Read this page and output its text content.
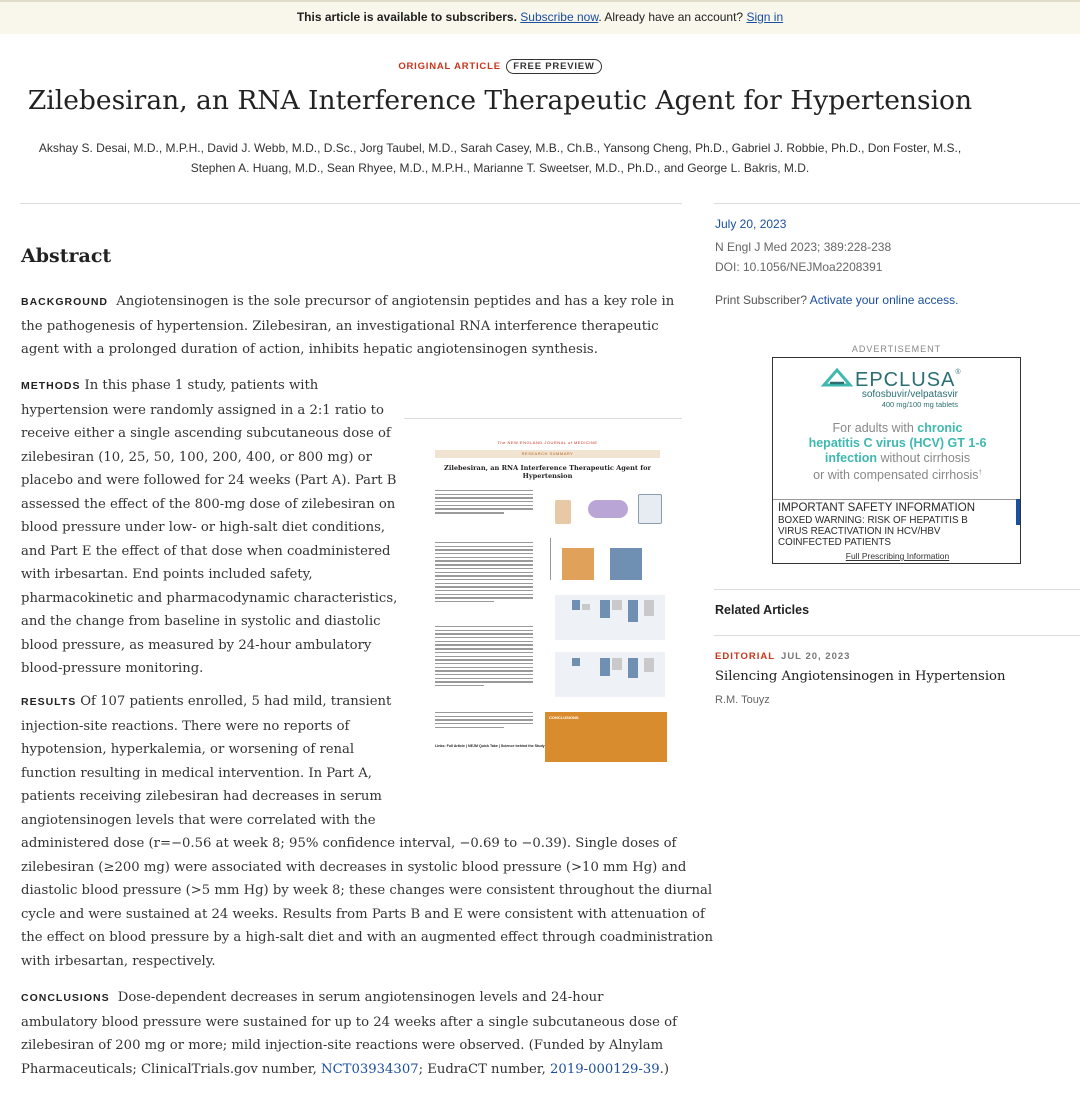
This article is available to subscribers. Subscribe now. Already have an account? Sign in
ORIGINAL ARTICLE FREE PREVIEW
Zilebesiran, an RNA Interference Therapeutic Agent for Hypertension
Akshay S. Desai, M.D., M.P.H., David J. Webb, M.D., D.Sc., Jorg Taubel, M.D., Sarah Casey, M.B., Ch.B., Yansong Cheng, Ph.D., Gabriel J. Robbie, Ph.D., Don Foster, M.S.,
Stephen A. Huang, M.D., Sean Rhyee, M.D., M.P.H., Marianne T. Sweetser, M.D., Ph.D., and George L. Bakris, M.D.
Abstract
BACKGROUND Angiotensinogen is the sole precursor of angiotensin peptides and has a key role in the pathogenesis of hypertension. Zilebesiran, an investigational RNA interference therapeutic agent with a prolonged duration of action, inhibits hepatic angiotensinogen synthesis.
METHODS In this phase 1 study, patients with
hypertension were randomly assigned in a 2:1 ratio to
receive either a single ascending subcutaneous dose of
zilebesiran (10, 25, 50, 100, 200, 400, or 800 mg) or
placebo and were followed for 24 weeks (Part A). Part B
assessed the effect of the 800-mg dose of zilebesiran on
blood pressure under low- or high-salt diet conditions,
and Part E the effect of that dose when coadministered
with irbesartan. End points included safety,
pharmacokinetic and pharmacodynamic characteristics,
and the change from baseline in systolic and diastolic
blood pressure, as measured by 24-hour ambulatory
blood-pressure monitoring.
RESULTS Of 107 patients enrolled, 5 had mild, transient
injection-site reactions. There were no reports of
hypotension, hyperkalemia, or worsening of renal
function resulting in medical intervention. In Part A,
patients receiving zilebesiran had decreases in serum
angiotensinogen levels that were correlated with the
administered dose (r=−0.56 at week 8; 95% confidence interval, −0.69 to −0.39). Single doses of
zilebesiran (≥200 mg) were associated with decreases in systolic blood pressure (>10 mm Hg) and
diastolic blood pressure (>5 mm Hg) by week 8; these changes were consistent throughout the diurnal
cycle and were sustained at 24 weeks. Results from Parts B and E were consistent with attenuation of
the effect on blood pressure by a high-salt diet and with an augmented effect through coadministration
with irbesartan, respectively.
CONCLUSIONS Dose-dependent decreases in serum angiotensinogen levels and 24-hour ambulatory blood pressure were sustained for up to 24 weeks after a single subcutaneous dose of zilebesiran of 200 mg or more; mild injection-site reactions were observed. (Funded by Alnylam Pharmaceuticals; ClinicalTrials.gov number, NCT03934307; EudraCT number, 2019-000129-39.)
The NEW ENGLAND JOURNAL of MEDICINE
RESEARCH SUMMARY
Zilebesiran, an RNA Interference Therapeutic Agent for Hypertension
CONCLUSIONS
Links: Full Article | NEJM Quick Take | Science behind the Study
July 20, 2023
N Engl J Med 2023; 389:228-238
DOI: 10.1056/NEJMoa2208391
Print Subscriber? Activate your online access.
ADVERTISEMENT
EPCLUSA®
sofosbuvir/velpatasvir
400 mg/100 mg tablets
For adults with chronic
hepatitis C virus (HCV) GT 1-6
infection without cirrhosis
or with compensated cirrhosis†
IMPORTANT SAFETY INFORMATION
BOXED WARNING: RISK OF HEPATITIS B
VIRUS REACTIVATION IN HCV/HBV
COINFECTED PATIENTS
Full Prescribing Information
Related Articles
EDITORIAL JUL 20, 2023
Silencing Angiotensinogen in Hypertension
R.M. Touyz
